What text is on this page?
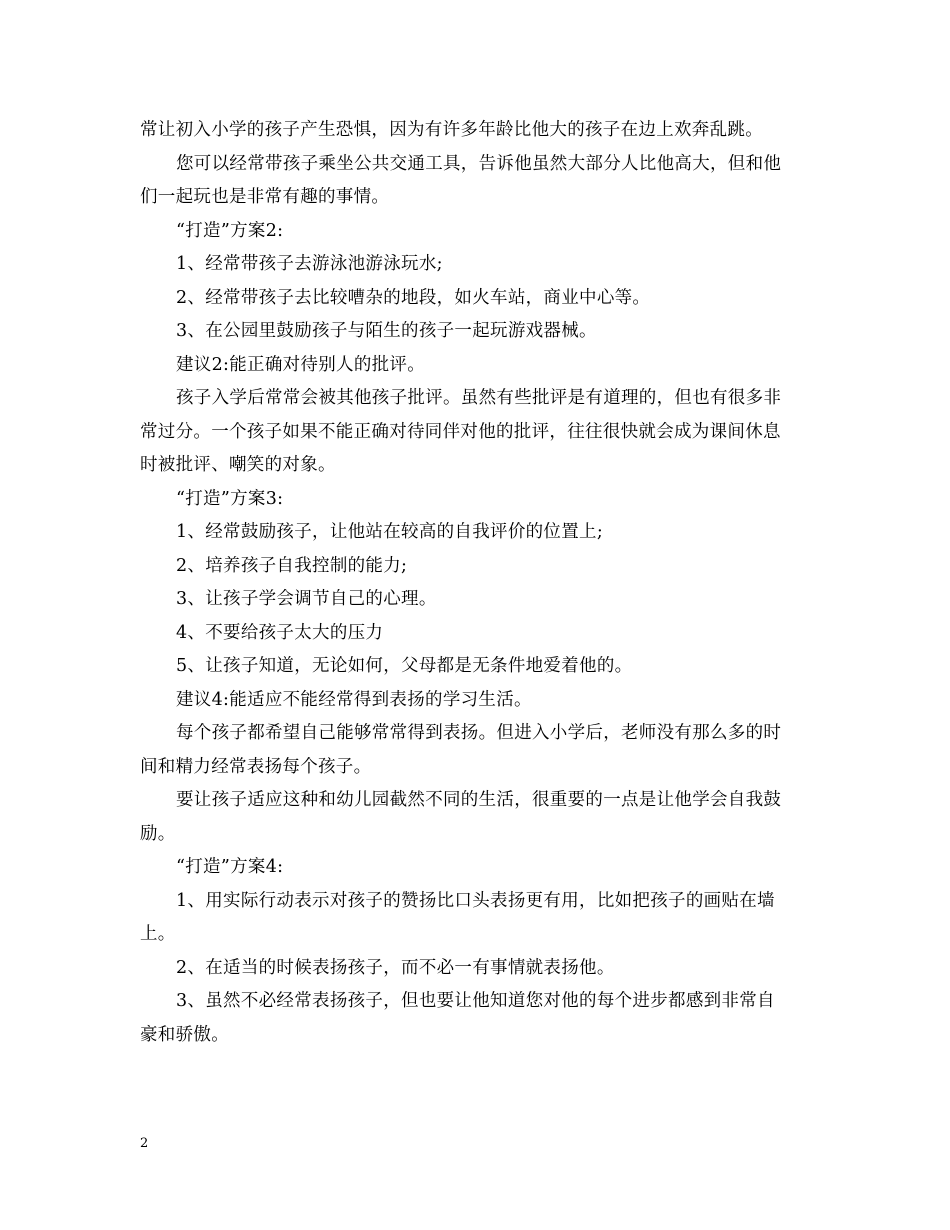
常让初入小学的孩子产生恐惧，因为有许多年龄比他大的孩子在边上欢奔乱跳。
您可以经常带孩子乘坐公共交通工具，告诉他虽然大部分人比他高大，但和他
们一起玩也是非常有趣的事情。
“打造”方案2:
1、经常带孩子去游泳池游泳玩水;
2、经常带孩子去比较嘈杂的地段，如火车站，商业中心等。
3、在公园里鼓励孩子与陌生的孩子一起玩游戏器械。
建议2:能正确对待别人的批评。
孩子入学后常常会被其他孩子批评。虽然有些批评是有道理的，但也有很多非
常过分。一个孩子如果不能正确对待同伴对他的批评，往往很快就会成为课间休息
时被批评、嘲笑的对象。
“打造”方案3:
1、经常鼓励孩子，让他站在较高的自我评价的位置上;
2、培养孩子自我控制的能力;
3、让孩子学会调节自己的心理。
4、不要给孩子太大的压力
5、让孩子知道，无论如何，父母都是无条件地爱着他的。
建议4:能适应不能经常得到表扬的学习生活。
每个孩子都希望自己能够常常得到表扬。但进入小学后，老师没有那么多的时
间和精力经常表扬每个孩子。
要让孩子适应这种和幼儿园截然不同的生活，很重要的一点是让他学会自我鼓
励。
“打造”方案4:
1、用实际行动表示对孩子的赞扬比口头表扬更有用，比如把孩子的画贴在墙
上。
2、在适当的时候表扬孩子，而不必一有事情就表扬他。
3、虽然不必经常表扬孩子，但也要让他知道您对他的每个进步都感到非常自
豪和骄傲。
2
